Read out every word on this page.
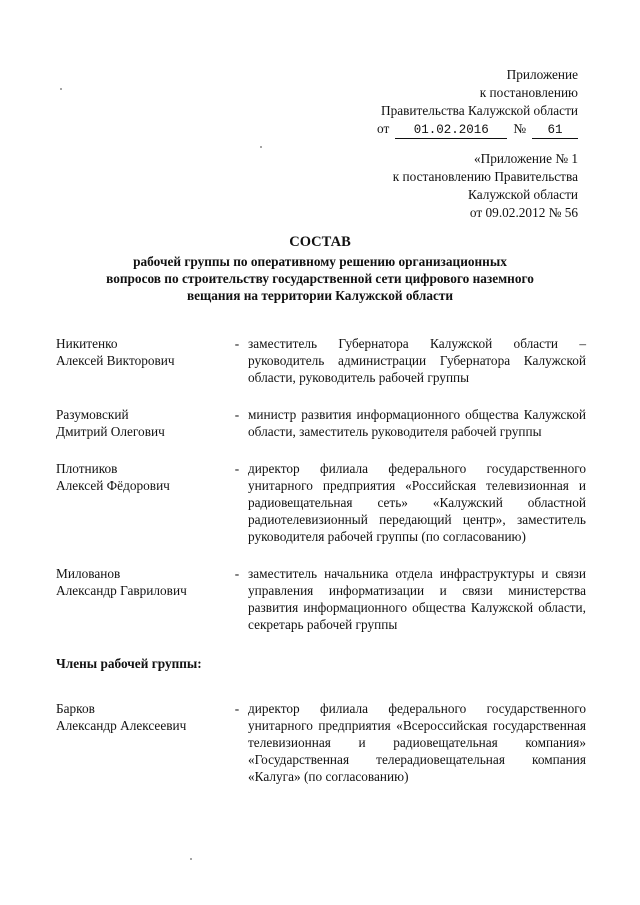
Приложение
к постановлению
Правительства Калужской области
от	01.02.2016	№	61
«Приложение № 1
к постановлению Правительства
Калужской области
от 09.02.2012 № 56
СОСТАВ
рабочей группы по оперативному решению организационных
вопросов по строительству государственной сети цифрового наземного
вещания на территории Калужской области
Никитенко
Алексей Викторович
- заместитель Губернатора Калужской области – руководитель администрации Губернатора Калужской области, руководитель рабочей группы
Разумовский
Дмитрий Олегович
- министр развития информационного общества Калужской области, заместитель руководителя рабочей группы
Плотников
Алексей Фёдорович
- директор филиала федерального государственного унитарного предприятия «Российская телевизионная и радиовещательная сеть» «Калужский областной радиотелевизионный передающий центр», заместитель руководителя рабочей группы (по согласованию)
Милованов
Александр Гаврилович
- заместитель начальника отдела инфраструктуры и связи управления информатизации и связи министерства развития информационного общества Калужской области, секретарь рабочей группы
Члены рабочей группы:
Барков
Александр Алексеевич
- директор филиала федерального государственного унитарного предприятия «Всероссийская государственная телевизионная и радиовещательная компания» «Государственная телерадиовещательная компания «Калуга» (по согласованию)
